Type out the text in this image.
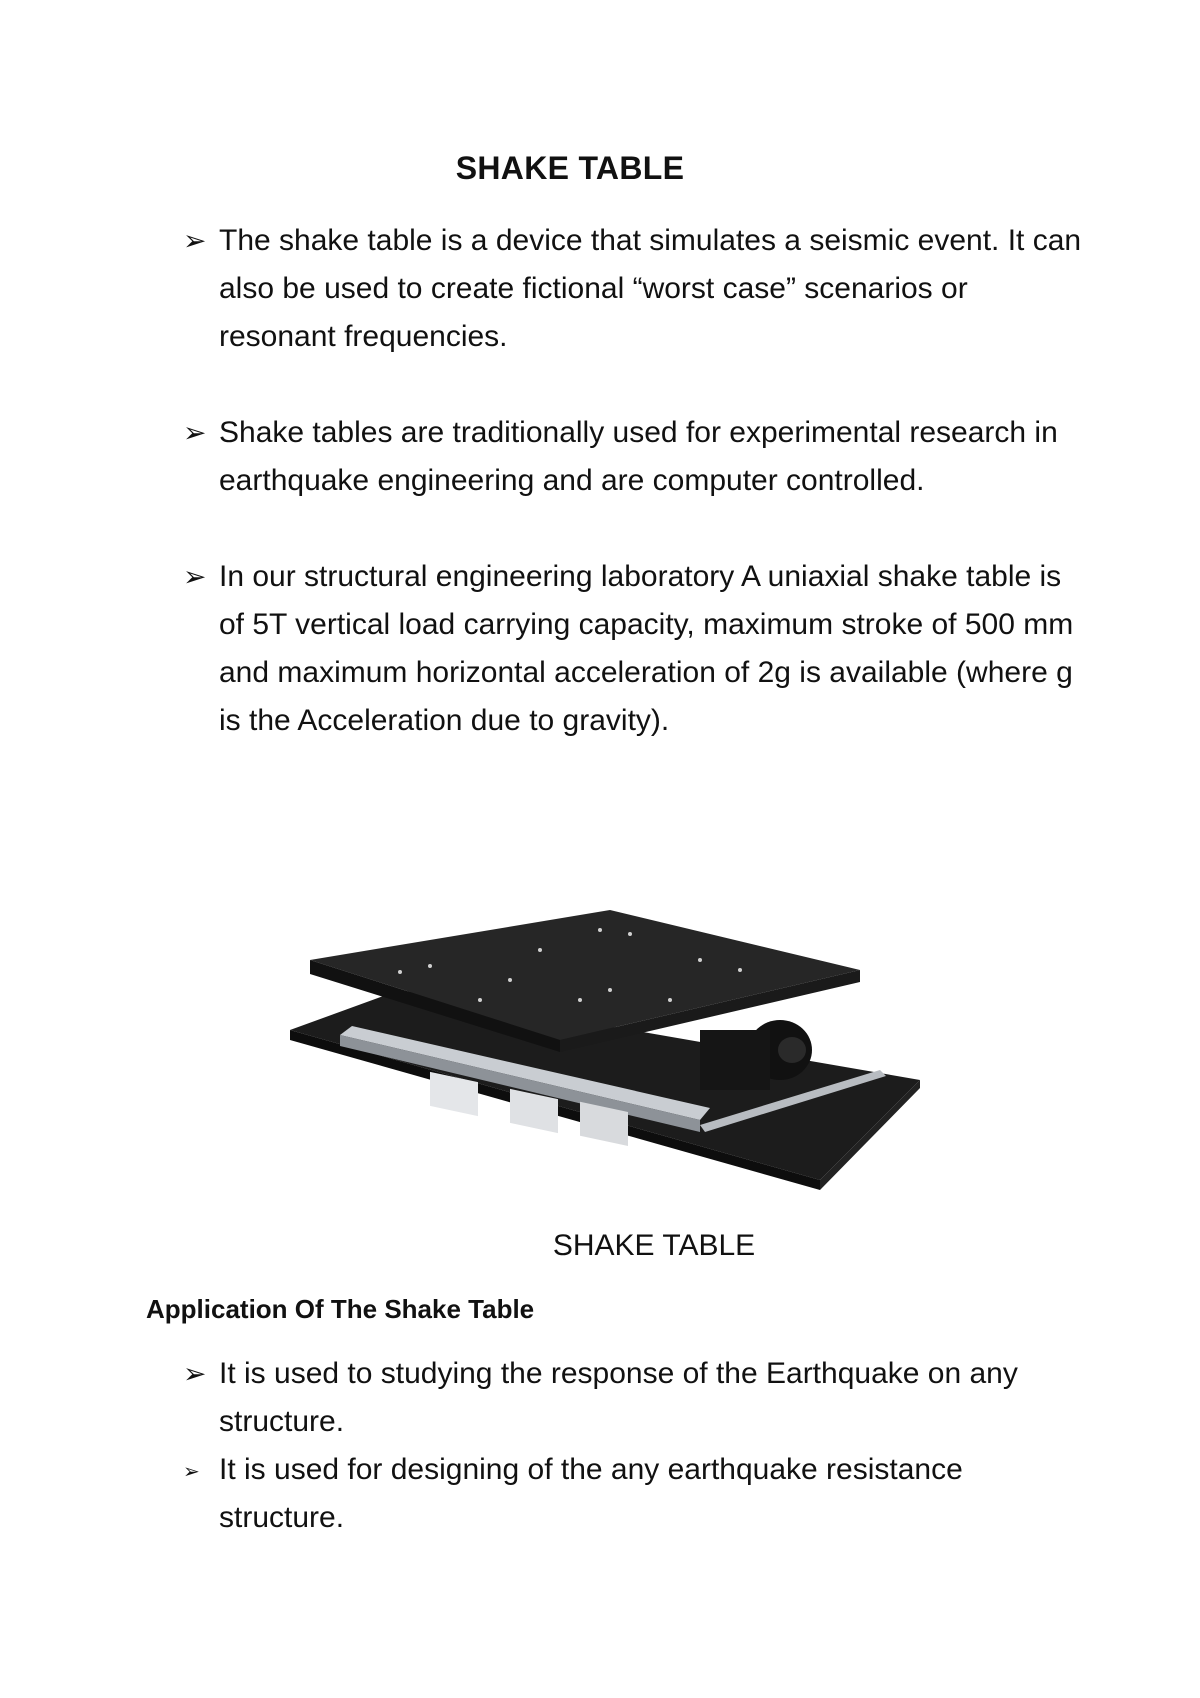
SHAKE TABLE
➢ The shake table is a device that simulates a seismic event. It can also be used to create fictional “worst case” scenarios or resonant frequencies.
➢ Shake tables are traditionally used for experimental research in earthquake engineering and are computer controlled.
➢ In our structural engineering laboratory A uniaxial shake table is of 5T vertical load carrying capacity, maximum stroke of 500 mm and maximum horizontal acceleration of 2g is available (where g is the Acceleration due to gravity).
SHAKE TABLE
Application Of The Shake Table
➢ It is used to studying the response of the Earthquake on any structure.
➢ It is used for designing of the any earthquake resistance structure.
